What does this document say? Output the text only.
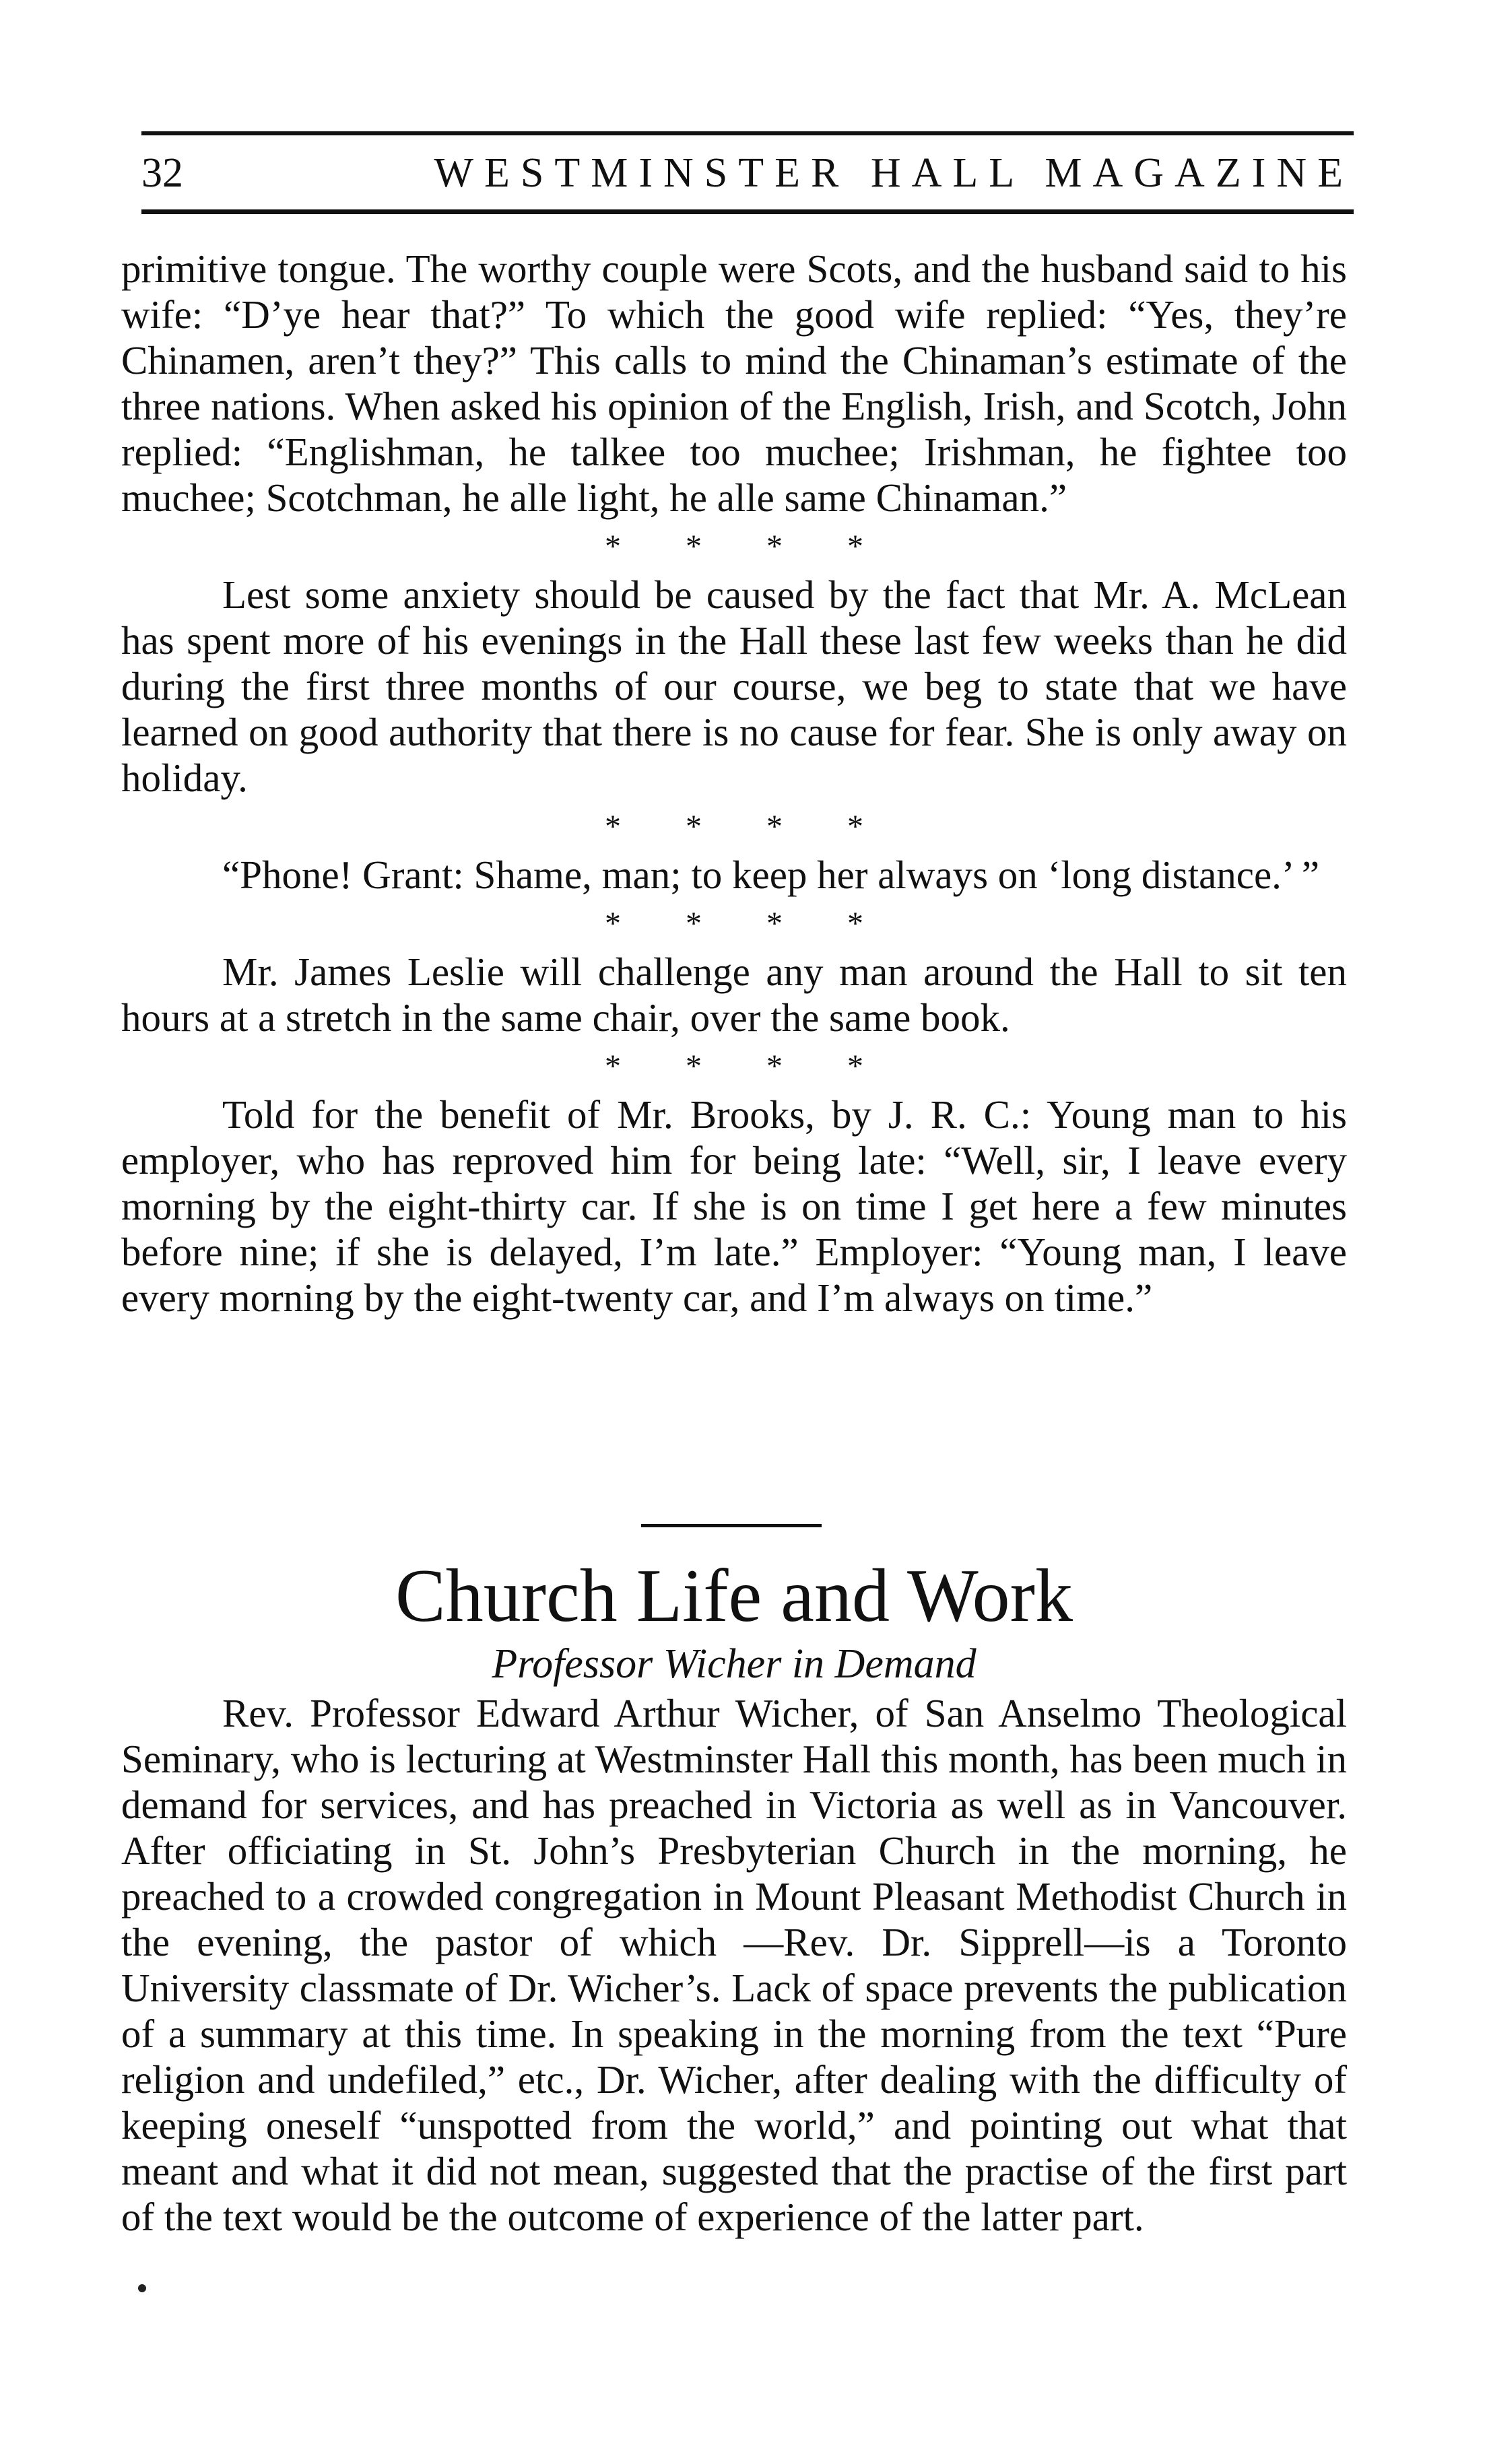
32	WESTMINSTER HALL MAGAZINE

primitive tongue. The worthy couple were Scots, and the husband said to his wife: “D’ye hear that?” To which the good wife replied: “Yes, they’re Chinamen, aren’t they?” This calls to mind the Chinaman’s estimate of the three nations. When asked his opinion of the English, Irish, and Scotch, John replied: “Englishman, he talkee too muchee; Irishman, he fightee too muchee; Scotchman, he alle light, he alle same Chinaman.”

* * * *

Lest some anxiety should be caused by the fact that Mr. A. McLean has spent more of his evenings in the Hall these last few weeks than he did during the first three months of our course, we beg to state that we have learned on good authority that there is no cause for fear. She is only away on holiday.

* * * *

“Phone! Grant: Shame, man; to keep her always on ‘long distance.’ ”

* * * *

Mr. James Leslie will challenge any man around the Hall to sit ten hours at a stretch in the same chair, over the same book.

* * * *

Told for the benefit of Mr. Brooks, by J. R. C.: Young man to his employer, who has reproved him for being late: “Well, sir, I leave every morning by the eight-thirty car. If she is on time I get here a few minutes before nine; if she is delayed, I’m late.” Employer: “Young man, I leave every morning by the eight-twenty car, and I’m always on time.”

Church Life and Work
Professor Wicher in Demand

Rev. Professor Edward Arthur Wicher, of San Anselmo Theological Seminary, who is lecturing at Westminster Hall this month, has been much in demand for services, and has preached in Victoria as well as in Vancouver. After officiating in St. John’s Presbyterian Church in the morning, he preached to a crowded congregation in Mount Pleasant Methodist Church in the evening, the pastor of which —Rev. Dr. Sipprell—is a Toronto University classmate of Dr. Wicher’s. Lack of space prevents the publication of a summary at this time. In speaking in the morning from the text “Pure religion and undefiled,” etc., Dr. Wicher, after dealing with the difficulty of keeping oneself “unspotted from the world,” and pointing out what that meant and what it did not mean, suggested that the practise of the first part of the text would be the outcome of experience of the latter part.
